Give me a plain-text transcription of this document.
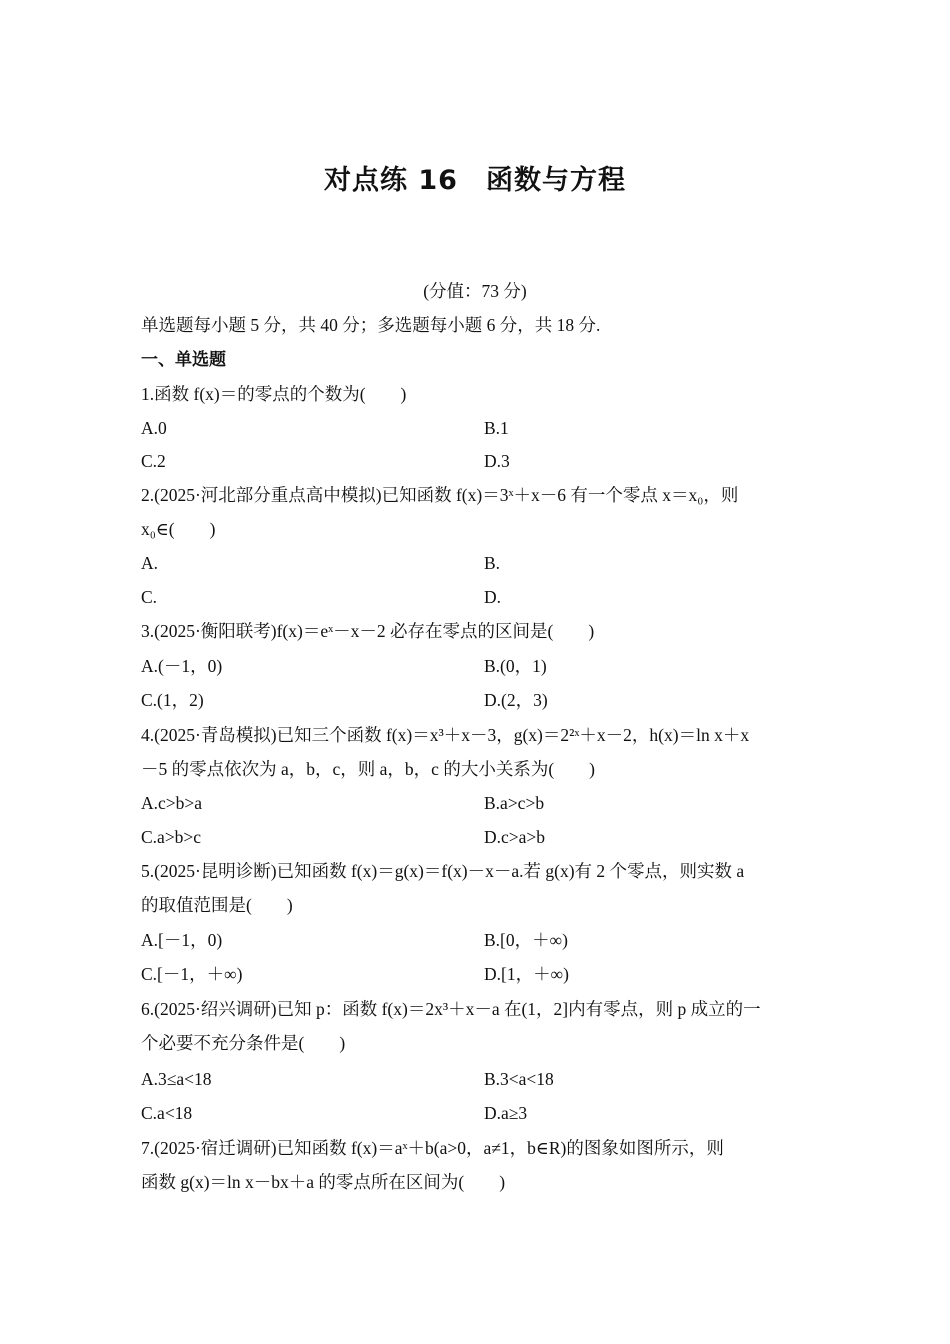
对点练 16　函数与方程
(分值：73 分)
单选题每小题 5 分，共 40 分；多选题每小题 6 分，共 18 分.
一、单选题
1.函数 f(x)＝的零点的个数为(　　)
A.0	B.1
C.2	D.3
2.(2025·河北部分重点高中模拟)已知函数 f(x)＝3ˣ＋x－6 有一个零点 x＝x₀，则
x₀∈(　　)
A.	B.
C.	D.
3.(2025·衡阳联考)f(x)＝eˣ－x－2 必存在零点的区间是(　　)
A.(－1，0)	B.(0，1)
C.(1，2)	D.(2，3)
4.(2025·青岛模拟)已知三个函数 f(x)＝x³＋x－3，g(x)＝2²ˣ＋x－2，h(x)＝ln x＋x
－5 的零点依次为 a，b，c，则 a，b，c 的大小关系为(　　)
A.c>b>a	B.a>c>b
C.a>b>c	D.c>a>b
5.(2025·昆明诊断)已知函数 f(x)＝g(x)＝f(x)－x－a.若 g(x)有 2 个零点，则实数 a
的取值范围是(　　)
A.[－1，0)	B.[0，＋∞)
C.[－1，＋∞)	D.[1，＋∞)
6.(2025·绍兴调研)已知 p：函数 f(x)＝2x³＋x－a 在(1，2]内有零点，则 p 成立的一
个必要不充分条件是(　　)
A.3≤a<18	B.3<a<18
C.a<18	D.a≥3
7.(2025·宿迁调研)已知函数 f(x)＝aˣ＋b(a>0，a≠1，b∈R)的图象如图所示，则
函数 g(x)＝ln x－bx＋a 的零点所在区间为(　　)
